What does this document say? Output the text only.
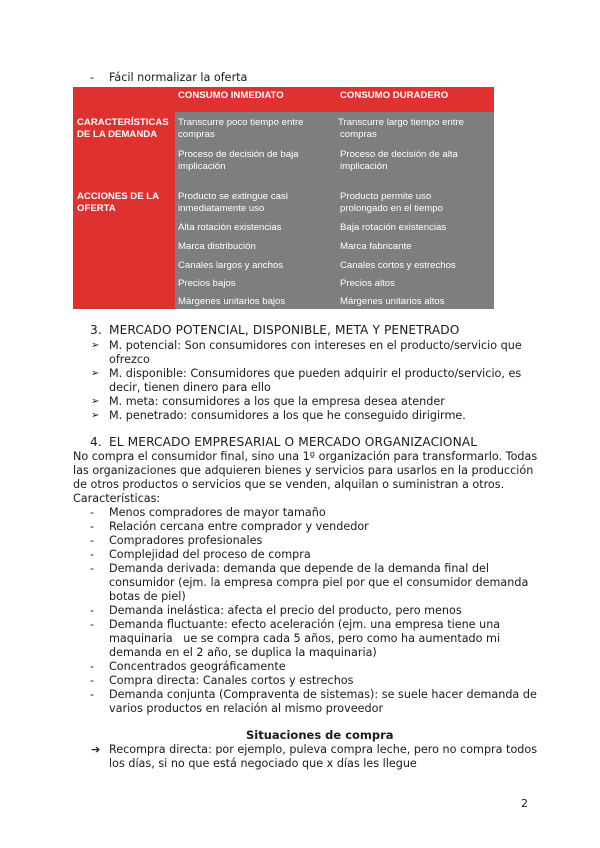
- Fácil normalizar la oferta
CONSUMO INMEDIATO	CONSUMO DURADERO
CARACTERÍSTICAS
DE LA DEMANDA
Transcurre poco tiempo entre
compras
Proceso de decisión de baja
implicación
Transcurre largo tiempo entre
compras
Proceso de decisión de alta
implicación
ACCIONES DE LA
OFERTA
Producto se extingue casi
inmediatamente uso
Alta rotación existencias
Marca distribución
Canales largos y anchos
Precios bajos
Márgenes unitarios bajos
Producto permite uso
prolongado en el tiempo
Baja rotación existencias
Marca fabricante
Canales cortos y estrechos
Precios altos
Márgenes unitarios altos
3. MERCADO POTENCIAL, DISPONIBLE, META Y PENETRADO
➢ M. potencial: Son consumidores con intereses en el producto/servicio que
ofrezco
➢ M. disponible: Consumidores que pueden adquirir el producto/servicio, es
decir, tienen dinero para ello
➢ M. meta: consumidores a los que la empresa desea atender
➢ M. penetrado: consumidores a los que he conseguido dirigirme.
4. EL MERCADO EMPRESARIAL O MERCADO ORGANIZACIONAL
No compra el consumidor final, sino una 1º organización para transformarlo. Todas
las organizaciones que adquieren bienes y servicios para usarlos en la producción
de otros productos o servicios que se venden, alquilan o suministran a otros.
Características:
- Menos compradores de mayor tamaño
- Relación cercana entre comprador y vendedor
- Compradores profesionales
- Complejidad del proceso de compra
- Demanda derivada: demanda que depende de la demanda final del
consumidor (ejm. la empresa compra piel por que el consumidor demanda
botas de piel)
- Demanda inelástica: afecta el precio del producto, pero menos
- Demanda fluctuante: efecto aceleración (ejm. una empresa tiene una
maquinaria   ue se compra cada 5 años, pero como ha aumentado mi
demanda en el 2 año, se duplica la maquinaria)
- Concentrados geográficamente
- Compra directa: Canales cortos y estrechos
- Demanda conjunta (Compraventa de sistemas): se suele hacer demanda de
varios productos en relación al mismo proveedor
Situaciones de compra
➔ Recompra directa: por ejemplo, puleva compra leche, pero no compra todos
los días, si no que está negociado que x días les llegue
2
